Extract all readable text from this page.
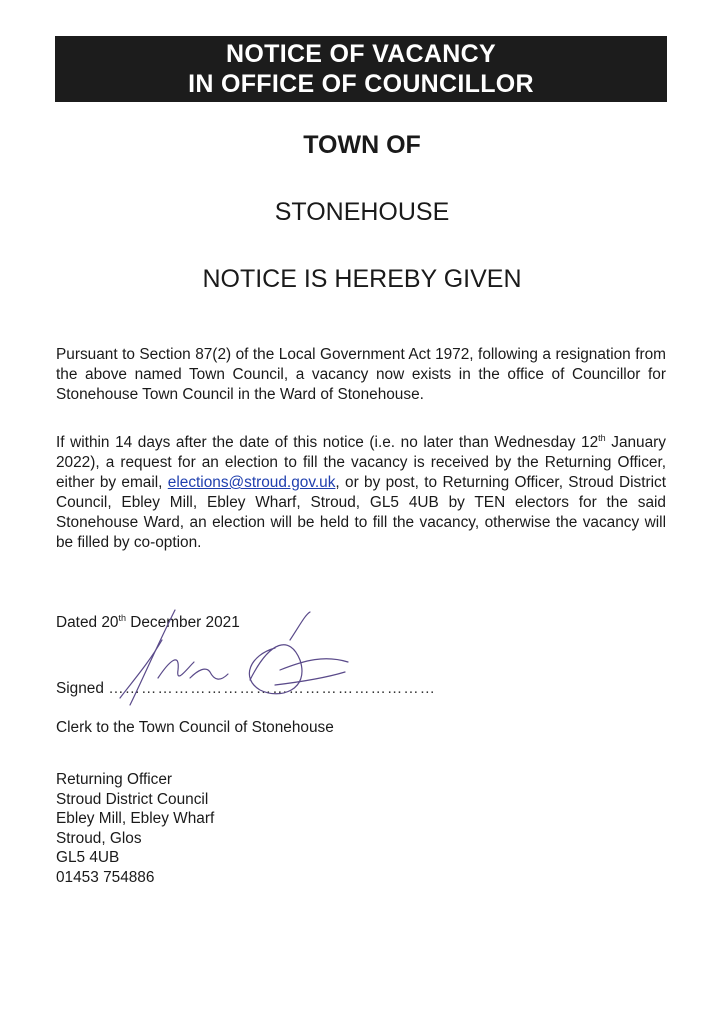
NOTICE OF VACANCY
IN OFFICE OF COUNCILLOR
TOWN OF
STONEHOUSE
NOTICE IS HEREBY GIVEN
Pursuant to Section 87(2) of the Local Government Act 1972, following a resignation from the above named Town Council, a vacancy now exists in the office of Councillor for Stonehouse Town Council in the Ward of Stonehouse.
If within 14 days after the date of this notice (i.e. no later than Wednesday 12th January 2022), a request for an election to fill the vacancy is received by the Returning Officer, either by email, elections@stroud.gov.uk, or by post, to Returning Officer, Stroud District Council, Ebley Mill, Ebley Wharf, Stroud, GL5 4UB by TEN electors for the said Stonehouse Ward, an election will be held to fill the vacancy, otherwise the vacancy will be filled by co-option.
Dated 20th December 2021
Signed ……………………………………………………
Clerk to the Town Council of Stonehouse
Returning Officer
Stroud District Council
Ebley Mill, Ebley Wharf
Stroud, Glos
GL5 4UB
01453 754886
